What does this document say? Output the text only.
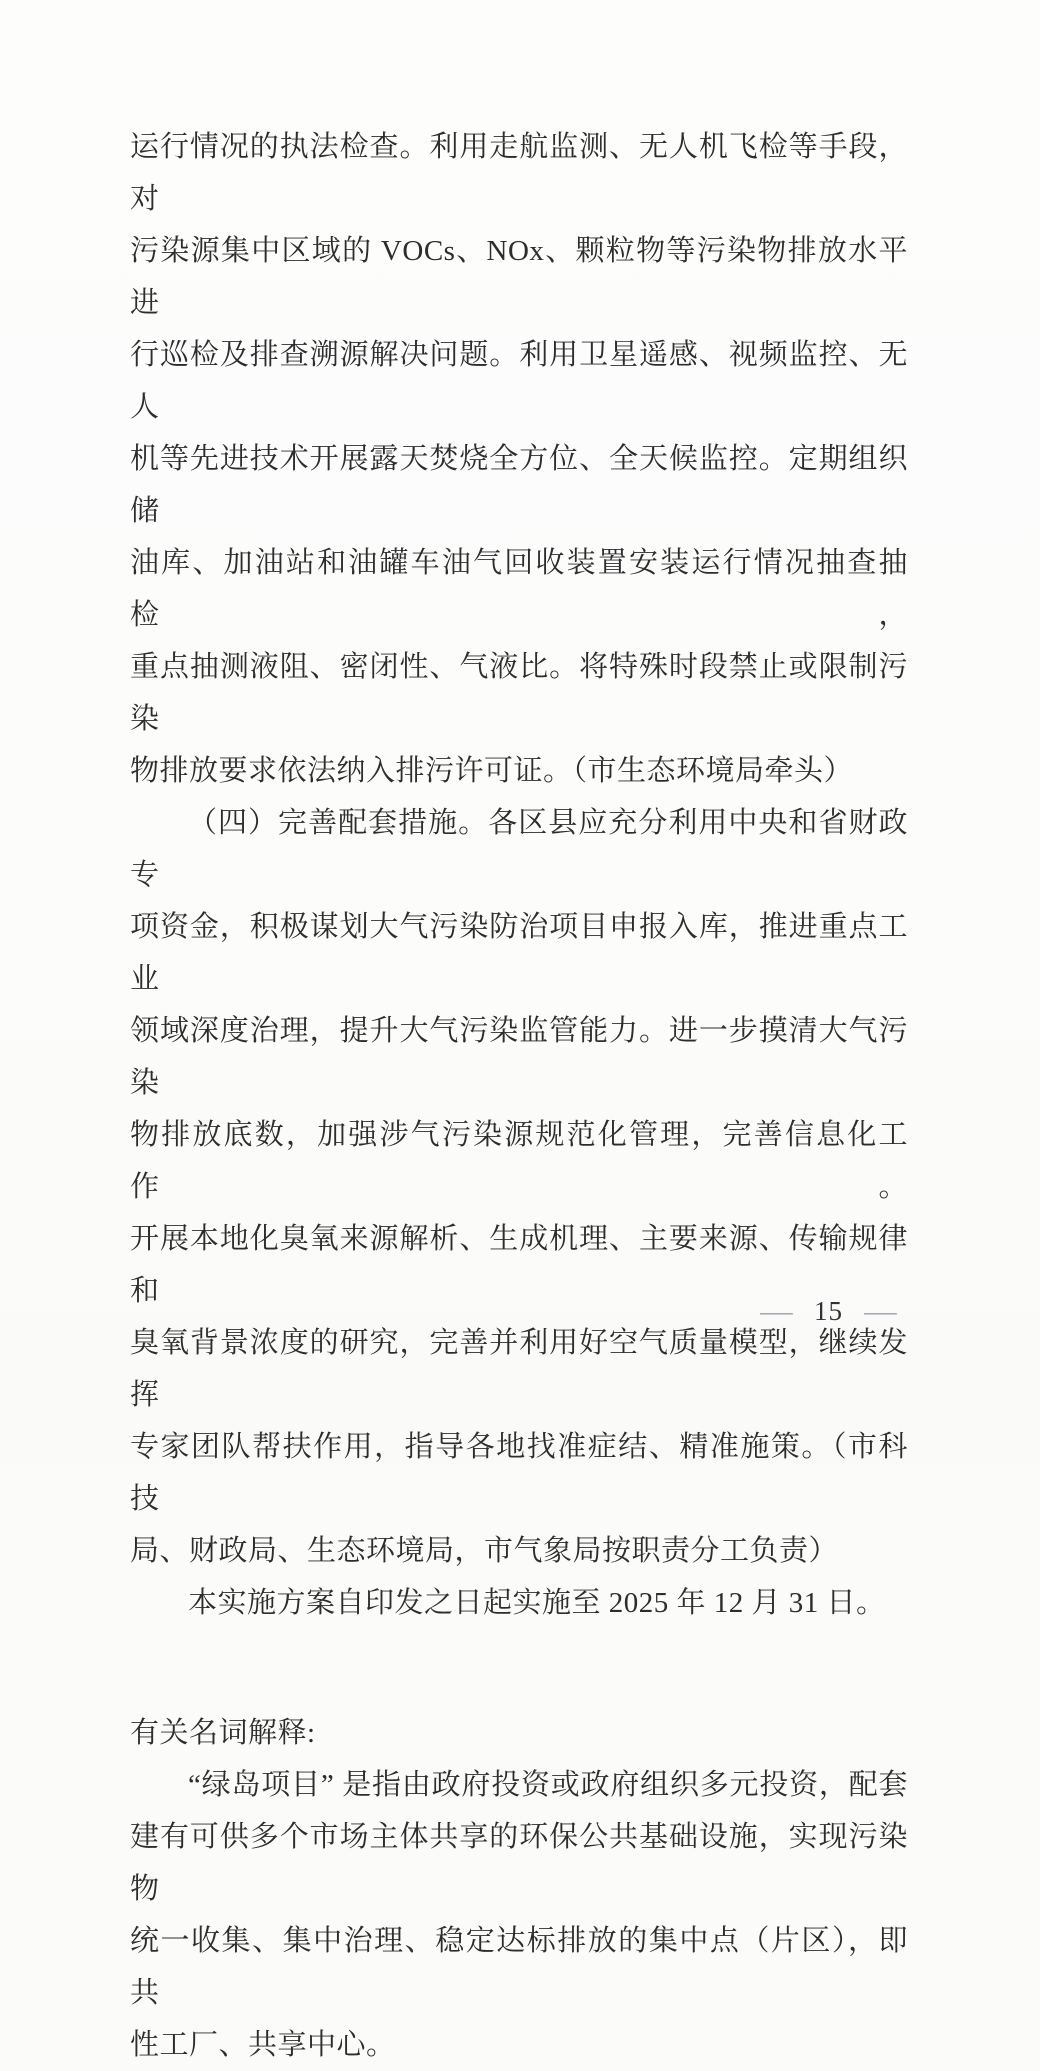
运行情况的执法检查。利用走航监测、无人机飞检等手段，对
污染源集中区域的 VOCs、NOx、颗粒物等污染物排放水平进
行巡检及排查溯源解决问题。利用卫星遥感、视频监控、无人
机等先进技术开展露天焚烧全方位、全天候监控。定期组织储
油库、加油站和油罐车油气回收装置安装运行情况抽查抽检，
重点抽测液阻、密闭性、气液比。将特殊时段禁止或限制污染
物排放要求依法纳入排污许可证。（市生态环境局牵头）
（四）完善配套措施。各区县应充分利用中央和省财政专
项资金，积极谋划大气污染防治项目申报入库，推进重点工业
领域深度治理，提升大气污染监管能力。进一步摸清大气污染
物排放底数，加强涉气污染源规范化管理，完善信息化工作。
开展本地化臭氧来源解析、生成机理、主要来源、传输规律和
臭氧背景浓度的研究，完善并利用好空气质量模型，继续发挥
专家团队帮扶作用，指导各地找准症结、精准施策。（市科技
局、财政局、生态环境局，市气象局按职责分工负责）
本实施方案自印发之日起实施至 2025 年 12 月 31 日。
有关名词解释:
“绿岛项目” 是指由政府投资或政府组织多元投资，配套
建有可供多个市场主体共享的环保公共基础设施，实现污染物
统一收集、集中治理、稳定达标排放的集中点（片区），即共
性工厂、共享中心。
— 15 —
